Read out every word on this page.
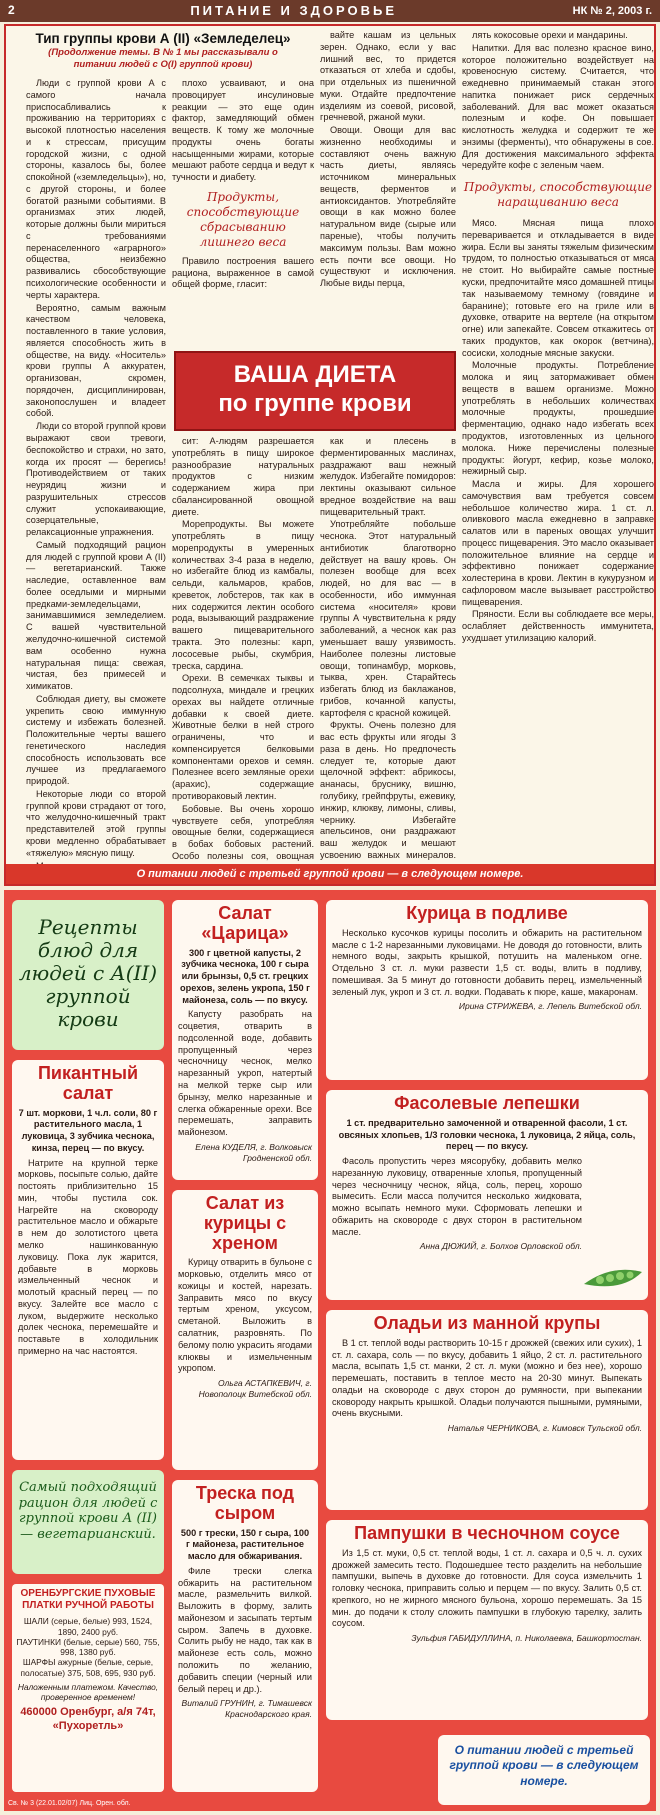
2	ПИТАНИЕ И ЗДОРОВЬЕ	НК № 2, 2003 г.
Тип группы крови А (II) «Земледелец»
(Продолжение темы. В № 1 мы рассказывали о питании людей с O(I) группой крови)

Люди с группой крови А с самого начала приспосабливались к проживанию на территориях с высокой плотностью населения и к стрессам, присущим городской жизни, с одной стороны, казалось бы, более спокойной («земледельцы»), но, с другой стороны, и более богатой разными событиями. В организмах этих людей, которые должны были мириться с требованиями перенаселенного «аграрного» общества, неизбежно развивались сбособствующие психологические особенности и черты характера.

Вероятно, самым важным качеством человека, поставленного в такие условия, является способность жить в обществе, на виду. «Носитель» крови группы А аккуратен, организован, скромен, порядочен, дисциплинирован, законопослушен и владеет собой.

Люди со второй группой крови выражают свои тревоги, беспокойство и страхи, но зато, когда их просят — берегись! Противодействием от таких неурядиц жизни и разрушительных стрессов служит успокаивающие, созерцательные, релаксационные упражнения.

Самый подходящий рацион для людей с группой крови А (II) — вегетарианский. Также наследие, оставленное вам более оседлыми и мирными предками-земледельцами, занимавшимися земледелием. С вашей чувствительной желудочно-кишечной системой вам особенно нужна натуральная пища: свежая, чистая, без примесей и химикатов.

Соблюдая диету, вы сможете укрепить свою иммунную систему и избежать болезней. Положительные черты вашего генетического наследия способность использовать все лучшее из предлагаемого природой.

Некоторые люди со второй группой крови страдают от того, что желудочно-кишечный тракт представителей этой группы крови медленно обрабатывает «тяжелую» мясную пищу.

плохо усваивают, и она провоцирует инсулиновые реакции — это еще один фактор, замедляющий обмен веществ. К тому же молочные продукты очень богаты насыщенными жирами, которые мешают работе сердца и ведут к тучности и диабету.

Продукты, способствующие сбрасыванию лишнего веса

Правило построения вашего рациона, выраженное в самой общей форме, гласит:

вайте кашам из цельных зерен. Однако, если у вас лишний вес, то придется отказаться от хлеба и сдобы, при отдельных из пшеничной муки. Отдайте предпочтение изделиям из соевой, рисовой, гречневой, ржаной муки.

Овощи. Овощи для вас жизненно необходимы и составляют очень важную часть диеты, являясь источником минеральных веществ, ферментов и антиоксидантов. Употребляйте овощи в как можно более натуральном виде (сырые или пареные), чтобы получить максимум пользы. Вам можно есть почти все овощи. Но существуют и исключения. Любые виды перца,

ВАША ДИЕТА
по группе крови

сит: А-людям разрешается употреблять в пищу широкое разнообразие натуральных продуктов с низким содержанием жира при сбалансированной овощной диете.

Морепродукты. Вы можете употреблять в пищу морепродукты в умеренных количествах 3-4 раза в неделю, но избегайте блюд из камбалы, сельди, кальмаров, крабов, креветок, лобстеров, так как в них содержится лектин особого рода, вызывающий раздражение вашего пищеварительного тракта. Это полезны: карп, лососевые рыбы, скумбрия, треска, сардина.

Орехи. В семечках тыквы и подсолнуха, миндале и грецких орехах вы найдете отличные добавки к своей диете. Животные белки в ней строго ограничены, что и компенсируется белковыми компонентами орехов и семян. Полезнее всего земляные орехи (арахис), содержащие противораковый лектин.

Бобовые. Вы очень хорошо чувствуете себя, употребляя овощные белки, содержащиеся в бобах бобовых растений. Особо полезны соя, овощная

как и плесень в ферментированных маслинах, раздражают ваш нежный желудок. Избегайте помидоров: лектины оказывают сильное вредное воздействие на ваш пищеварительный тракт.

Употребляйте побольше чеснока. Этот натуральный антибиотик благотворно действует на вашу кровь. Он полезен вообще для всех людей, но для вас — в особенности, ибо иммунная система «носителя» крови группы А чувствительна к ряду заболеваний, а чеснок как раз уменьшает вашу уязвимость. Наиболее полезны листовые овощи, топинамбур, морковь, тыква, хрен. Старайтесь избегать блюд из баклажанов, грибов, кочанной капусты, картофеля с красной кожицей.

Фрукты. Очень полезно для вас есть фрукты или ягоды 3 раза в день. Но предпочесть следует те, которые дают щелочной эффект: абрикосы, ананасы, бруснику, вишню, голубику, грейпфруты, ежевику, инжир, клюкву, лимоны, сливы, чернику. Избегайте апельсинов, они раздражают ваш желудок и мешают усвоению важных минералов.

лять кокосовые орехи и мандарины.

Напитки. Для вас полезно красное вино, которое положительно воздействует на кровеносную систему. Считается, что ежедневно принимаемый стакан этого напитка понижает риск сердечных заболеваний. Для вас может оказаться полезным и кофе. Он повышает кислотность желудка и содержит те же энзимы (ферменты), что обнаружены в сое. Для достижения максимального эффекта чередуйте кофе с зеленым чаем.

Продукты, способствующие наращиванию веса

Мясо. Мясная пища плохо переваривается и откладывается в виде жира. Если вы заняты тяжелым физическим трудом, то полностью отказываться от мяса не стоит. Но выбирайте самые постные куски, предпочитайте мясо домашней птицы так называемому темному (говядине и баранине); готовьте его на гриле или в духовке, отварите на вертеле (на открытом огне) или запекайте. Совсем откажитесь от таких продуктов, как окорок (ветчина), сосиски, холодные мясные закуски.

Молочные продукты. Потребление молока и яиц затормаживает обмен веществ в вашем организме. Можно употреблять в небольших количествах молочные продукты, прошедшие ферментацию, однако надо избегать всех продуктов, изготовленных из цельного молока. Ниже перечислены полезные продукты: йогурт, кефир, козье молоко, нежирный сыр.

Масла и жиры. Для хорошего самочувствия вам требуется совсем небольшое количество жира. 1 ст. л. оливкового масла ежедневно в заправке салатов или в пареных овощах улучшит процесс пищеварения. Это масло оказывает положительное влияние на сердце и эффективно понижает содержание холестерина в крови. Лектин в кукурузном и сафлоровом масле вызывает расстройство пищеварения.

Пряности. Если вы соблюдаете все меры, ослабляет действенность иммунитета, ухудшает утилизацию калорий.

О питании людей с третьей группой крови — в следующем номере.
Рецепты блюд для людей с А(II) группой крови
Пикантный салат
7 шт. моркови, 1 ч.л. соли, 80 г растительного масла, 1 луковица, 3 зубчика чеснока, кинза, перец — по вкусу.

Натрите на крупной терке морковь, посыпьте солью, дайте постоять приблизительно 15 мин, чтобы пустила сок. Нагрейте на сковороду растительное масло и обжарьте в нем до золотистого цвета мелко нашинкованную луковицу. Пока лук жарится, добавьте в морковь измельченный чеснок и молотый красный перец — по вкусу. Залейте все масло с луком, выдержите несколько долек чеснока, перемешайте и поставьте в холодильник примерно на час настоятся.

Самый подходящий рацион для людей с группой крови А (II) — вегетарианский.
ОРЕНБУРГСКИЕ ПУХОВЫЕ ПЛАТКИ РУЧНОЙ РАБОТЫ
ШАЛИ (серые, белые) 993, 1524, 1890, 2400 руб.
ПАУТИНКИ (белые, серые) 560, 755, 998, 1380 руб.
ШАРФЫ ажурные (белые, серые, полосатые) 375, 508, 695, 930 руб.
Наложенным платежом. Качество, проверенное временем!
460000 Оренбург, а/я 74т, «Пухоретль»
Салат «Царица»
300 г цветной капусты, 2 зубчика чеснока, 100 г сыра или брынзы, 0,5 ст. грецких орехов, зелень укропа, 150 г майонеза, соль — по вкусу.

Капусту разобрать на соцветия, отварить в подсоленной воде, добавить пропущенный через чесночницу чеснок, мелко нарезанный укроп, натертый на мелкой терке сыр или брынзу, мелко нарезанные и слегка обжаренные орехи. Все перемешать, заправить майонезом.

Елена КУДЕЛЯ, г. Волковыск Гродненской обл.
Салат из курицы с хреном

Курицу отварить в бульоне с морковью, отделить мясо от кожицы и костей, нарезать. Заправить мясо по вкусу тертым хреном, уксусом, сметаной. Выложить в салатник, разровнять. По белому полю украсить ягодами клюквы и измельченным укропом.

Ольга АСТАПКЕВИЧ, г. Новополоцк Витебской обл.
Треска под сыром
500 г трески, 150 г сыра, 100 г майонеза, растительное масло для обжаривания.

Филе трески слегка обжарить на растительном масле, размельчить вилкой. Выложить в форму, залить майонезом и засыпать тертым сыром. Запечь в духовке. Солить рыбу не надо, так как в майонезе есть соль, можно положить по желанию, добавить специи (черный или белый перец и др.).

Виталий ГРУНИН, г. Тимашевск Краснодарского края.
Курица в подливе

Несколько кусочков курицы посолить и обжарить на растительном масле с 1-2 нарезанными луковицами. Не доводя до готовности, влить немного воды, закрыть крышкой, потушить на маленьком огне. Отдельно 3 ст. л. муки развести 1,5 ст. воды, влить в подливу, помешивая. За 5 минут до готовности добавить перец, измельченный зеленый лук, укроп и 3 ст. л. водки. Подавать к пюре, каше, макаронам.

Ирина СТРИЖЕВА, г. Лепель Витебской обл.
Фасолевые лепешки
1 ст. предварительно замоченной и отваренной фасоли, 1 ст. овсяных хлопьев, 1/3 головки чеснока, 1 луковица, 2 яйца, соль, перец — по вкусу.

Фасоль пропустить через мясорубку, добавить мелко нарезанную луковицу, отваренные хлопья, пропущенный через чесночницу чеснок, яйца, соль, перец, хорошо вымесить. Если масса получится несколько жидковата, можно всыпать немного муки. Сформовать лепешки и обжарить на сковороде с двух сторон в растительном масле.

Анна ДЮЖИЙ, г. Болхов Орловской обл.
Оладьи из манной крупы

В 1 ст. теплой воды растворить 10-15 г дрожжей (свежих или сухих), 1 ст. л. сахара, соль — по вкусу, добавить 1 яйцо, 2 ст. л. растительного масла, всыпать 1,5 ст. манки, 2 ст. л. муки (можно и без нее), хорошо перемешать, поставить в теплое место на 20-30 минут. Выпекать оладьи на сковороде с двух сторон до румяности, при выпекании сковороду накрыть крышкой. Оладьи получаются пышными, румяными, очень вкусными.

Наталья ЧЕРНИКОВА, г. Кимовск Тульской обл.
Пампушки в чесночном соусе

Из 1,5 ст. муки, 0,5 ст. теплой воды, 1 ст. л. сахара и 0,5 ч. л. сухих дрожжей замесить тесто. Подошедшее тесто разделить на небольшие пампушки, выпечь в духовке до готовности. Для соуса измельчить 1 головку чеснока, приправить солью и перцем — по вкусу. Залить 0,5 ст. крепкого, но не жирного мясного бульона, хорошо перемешать. За 15 мин. до подачи к столу сложить пампушки в глубокую тарелку, залить соусом.

Зульфия ГАБИДУЛЛИНА, п. Николаевка, Башкортостан.
О питании людей с третьей группой крови — в следующем номере.
Св. № 3 (22.01.02/07) Лиц. Орен. обл.
